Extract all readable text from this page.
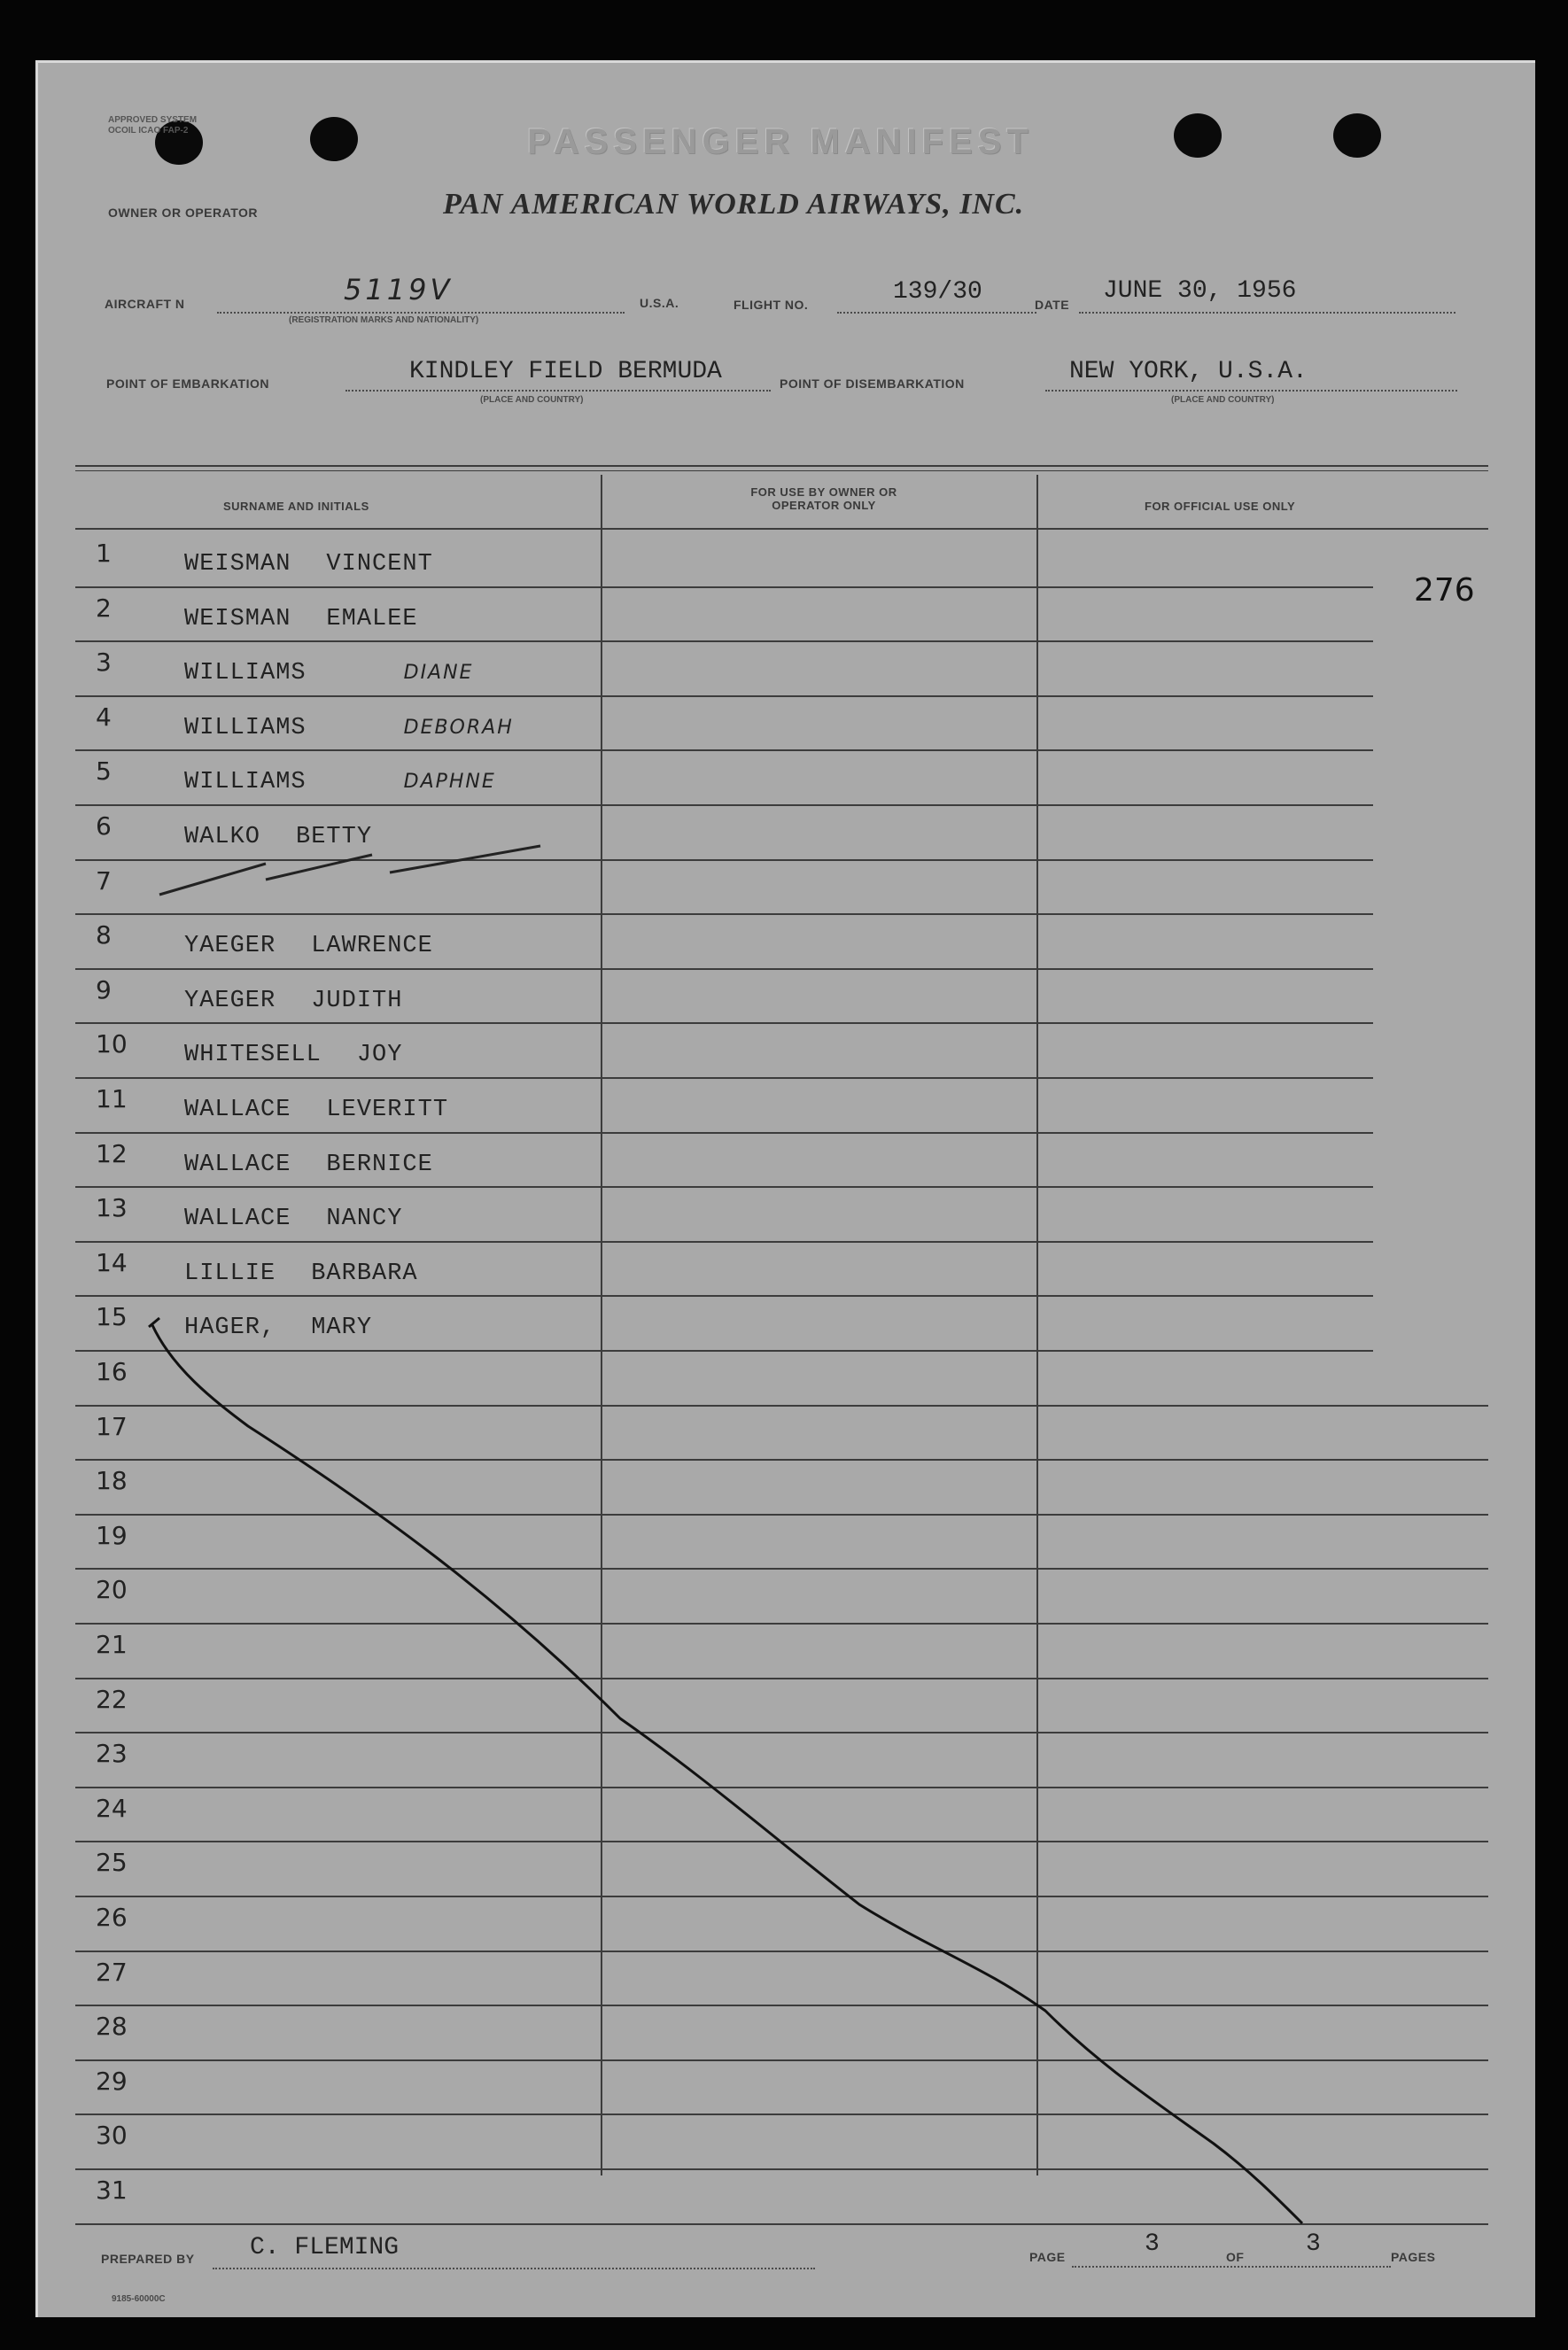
APPROVED SYSTEM OCOIL ICAO FAP-2	PASSENGER MANIFEST
OWNER OR OPERATOR	PAN AMERICAN WORLD AIRWAYS, INC.
AIRCRAFT N	5119V
(REGISTRATION MARKS AND NATIONALITY)
U.S.A.	FLIGHT NO.	139/30	DATE JUNE 30, 1956
POINT OF EMBARKATION	KINDLEY FIELD BERMUDA
(PLACE AND COUNTRY)
POINT OF DISEMBARKATION	NEW YORK, U.S.A.
(PLACE AND COUNTRY)
SURNAME AND INITIALS
FOR USE BY OWNER OR OPERATOR ONLY	FOR OFFICIAL USE ONLY
276
1	WEISMAN VINCENT
2	WEISMAN EMALEE
3	WILLIAMS	DIANE
4	WILLIAMS	DEBORAH
5	WILLIAMS	DAPHNE
6	WALKO BETTY
7
8	YAEGER LAWRENCE
9	YAEGER JUDITH
10 WHITESELL JOY
11 WALLACE LEVERITT
12 WALLACE BERNICE
13 WALLACE NANCY
14 LILLIE BARBARA
15 HAGER, MARY
16
17
18
19
20
21
22
23
24
25
26
27
28
29
30
31
PREPARED BY C. FLEMING	PAGE	3	OF 3	PAGES
9185-60000C
